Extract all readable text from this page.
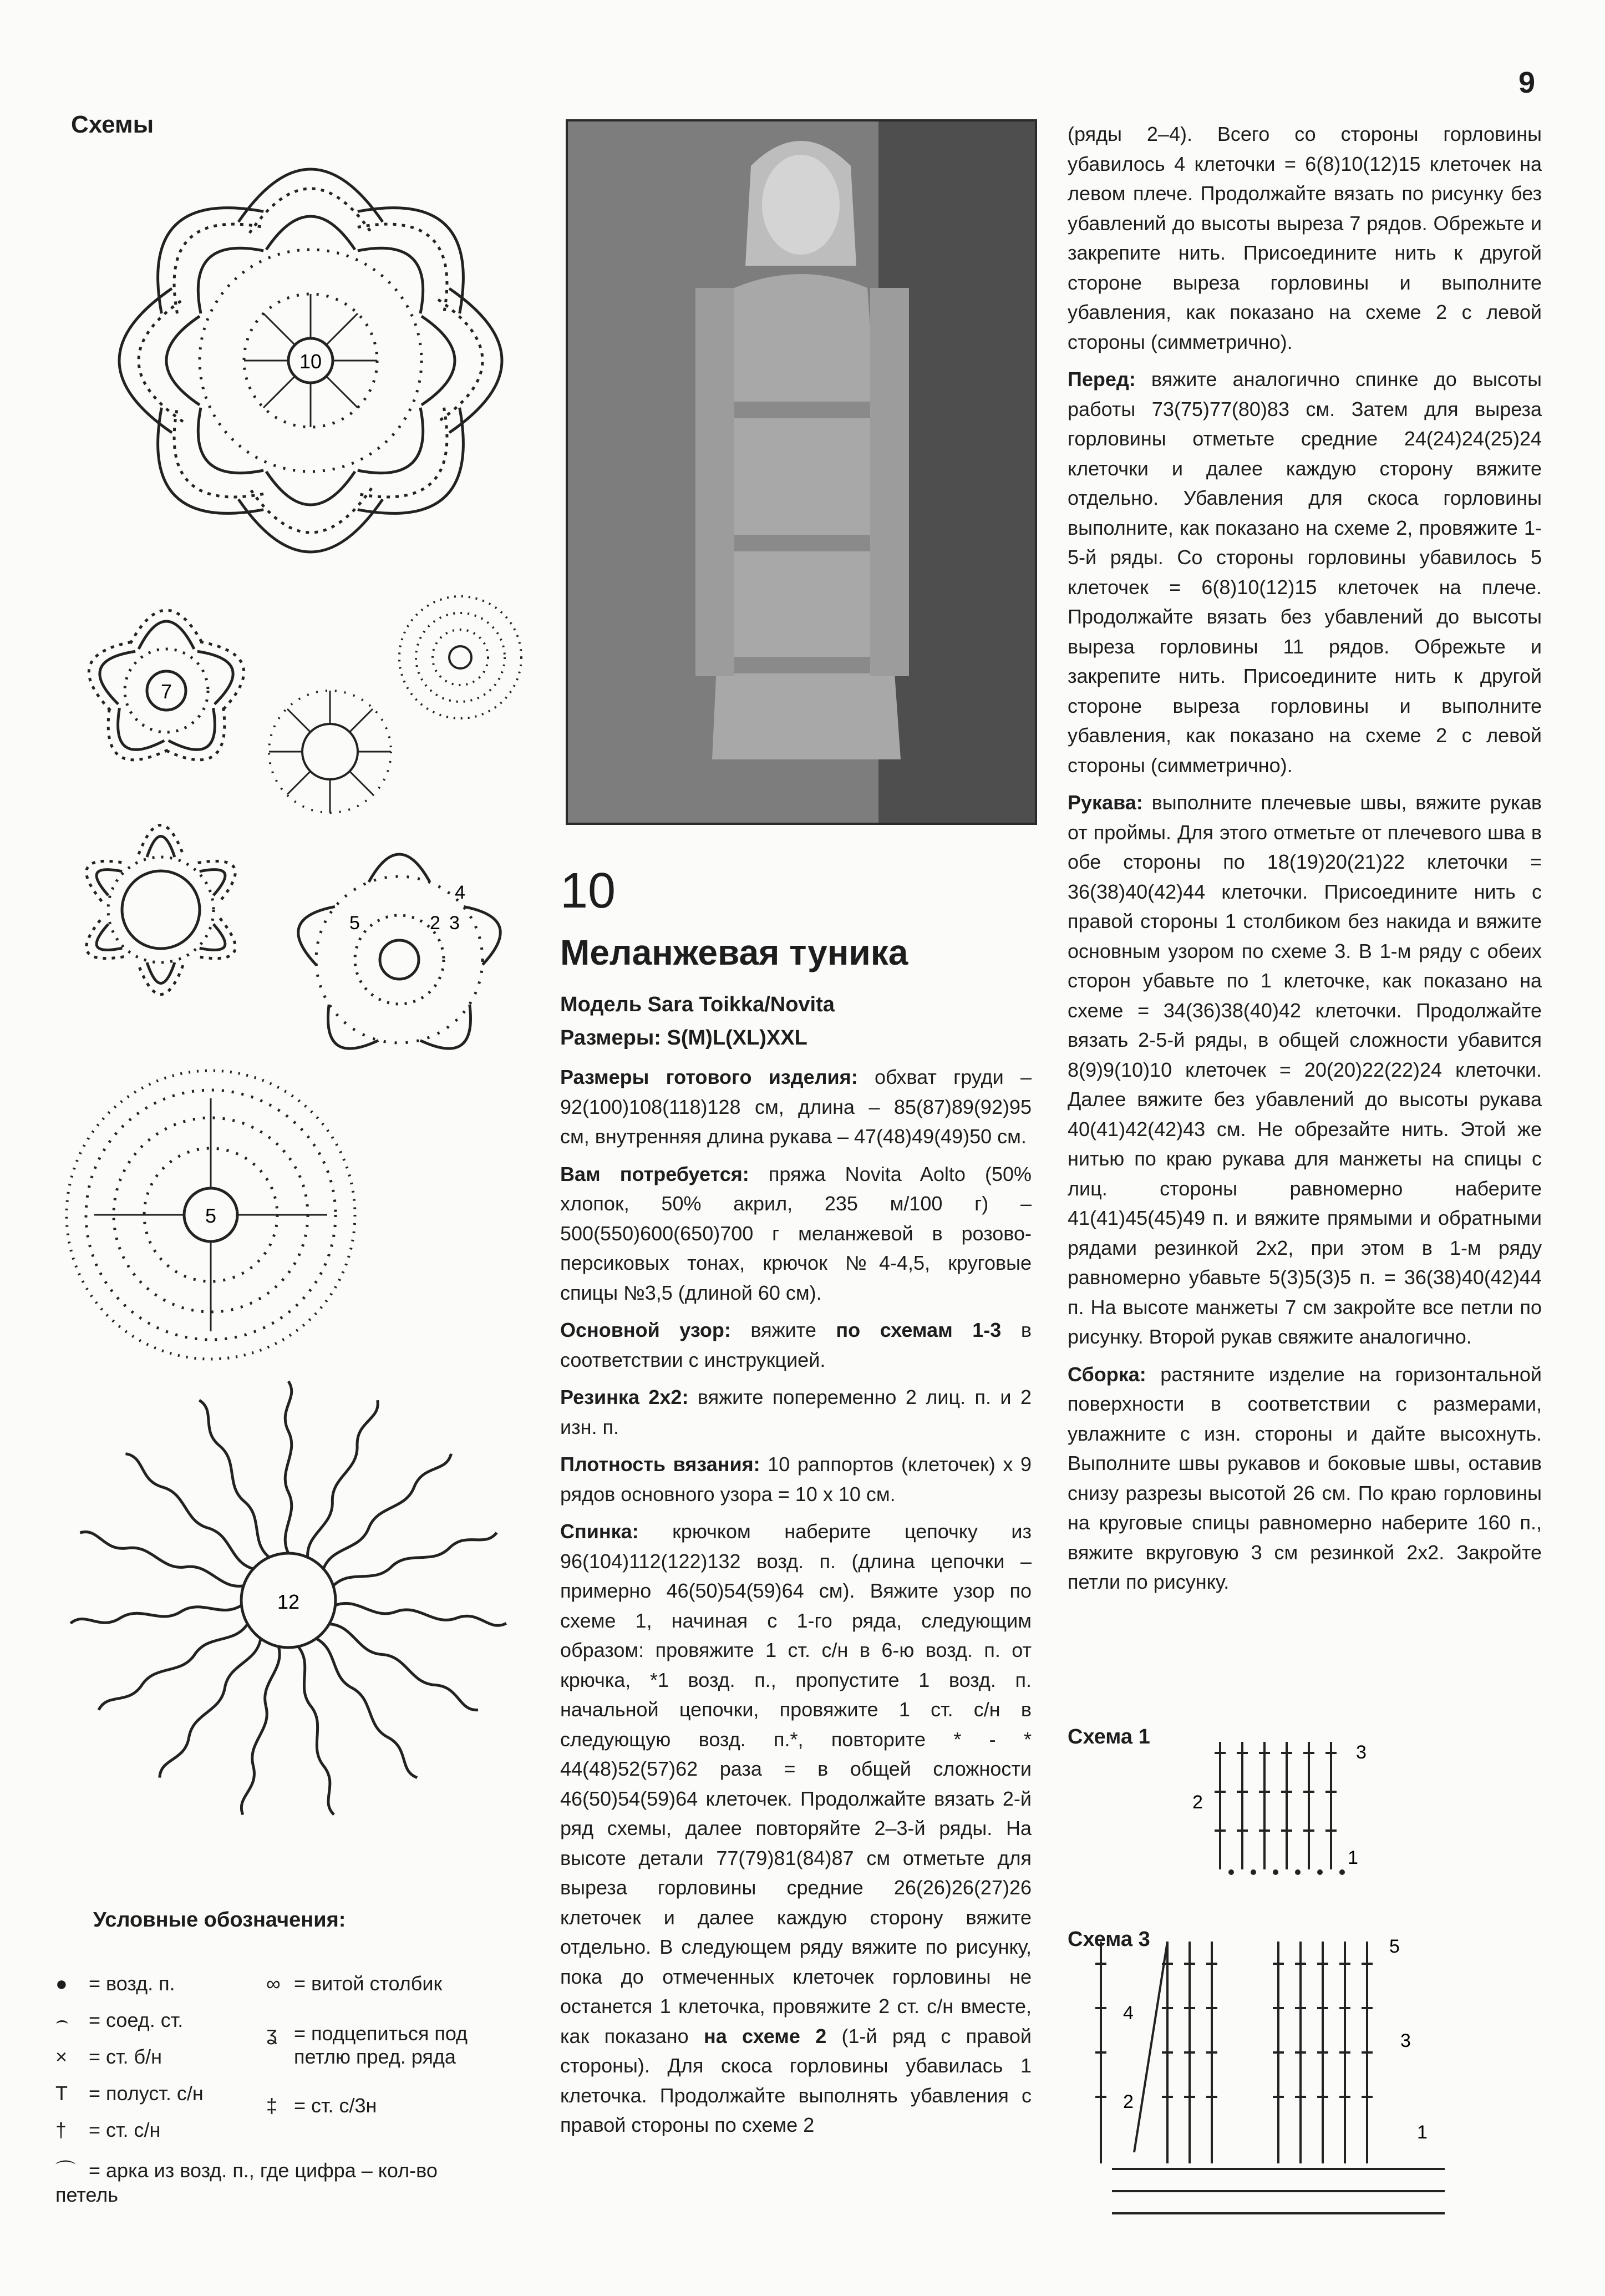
9
Схемы
10
7
4
5	2 3
5
12
10
Меланжевая туника
Модель Sara Toikka/Novita
Размеры: S(M)L(XL)XXL

Размеры готового изделия: обхват груди – 92(100)108(118)128 см, длина – 85(87)89(92)95 см, внутренняя длина рукава – 47(48)49(49)50 см.

Вам потребуется: пряжа Novita Aolto (50% хлопок, 50% акрил, 235 м/100 г) – 500(550)600(650)700 г меланжевой в розово-персиковых тонах, крючок №4-4,5, круговые спицы №3,5 (длиной 60 см).

Основной узор: вяжите по схемам 1-3 в соответствии с инструкцией.

Резинка 2х2: вяжите попеременно 2 лиц. п. и 2 изн. п.

Плотность вязания: 10 раппортов (клеточек) х 9 рядов основного узора = 10 х 10 см.

Спинка: крючком наберите цепочку из 96(104)112(122)132 возд. п. (длина цепочки – примерно 46(50)54(59)64 см). Вяжите узор по схеме 1, начиная с 1-го ряда, следующим образом: провяжите 1 ст. с/н в 6-ю возд. п. от крючка, *1 возд. п., пропустите 1 возд. п. начальной цепочки, провяжите 1 ст. с/н в следующую возд. п.*, повторите * - * 44(48)52(57)62 раза = в общей сложности 46(50)54(59)64 клеточек. Продолжайте вязать 2-й ряд схемы, далее повторяйте 2–3-й ряды. На высоте детали 77(79)81(84)87 см отметьте для выреза горловины средние 26(26)26(27)26 клеточек и далее каждую сторону вяжите отдельно. В следующем ряду вяжите по рисунку, пока до отмеченных клеточек горловины не останется 1 клеточка, провяжите 2 ст. с/н вместе, как показано на схеме 2 (1-й ряд с правой стороны). Для скоса горловины убавилась 1 клеточка. Продолжайте выполнять убавления с правой стороны по схеме 2

(ряды 2–4). Всего со стороны горловины убавилось 4 клеточки = 6(8)10(12)15 клеточек на левом плече. Продолжайте вязать по рисунку без убавлений до высоты выреза 7 рядов. Обрежьте и закрепите нить. Присоедините нить к другой стороне выреза горловины и выполните убавления, как показано на схеме 2 с левой стороны (симметрично).

Перед: вяжите аналогично спинке до высоты работы 73(75)77(80)83 см. Затем для выреза горловины отметьте средние 24(24)24(25)24 клеточки и далее каждую сторону вяжите отдельно. Убавления для скоса горловины выполните, как показано на схеме 2, провяжите 1-5-й ряды. Со стороны горловины убавилось 5 клеточек = 6(8)10(12)15 клеточек на плече. Продолжайте вязать без убавлений до высоты выреза горловины 11 рядов. Обрежьте и закрепите нить. Присоедините нить к другой стороне выреза горловины и выполните убавления, как показано на схеме 2 с левой стороны (симметрично).

Рукава: выполните плечевые швы, вяжите рукав от проймы. Для этого отметьте от плечевого шва в обе стороны по 18(19)20(21)22 клеточки = 36(38)40(42)44 клеточки. Присоедините нить с правой стороны 1 столбиком без накида и вяжите основным узором по схеме 3. В 1-м ряду с обеих сторон убавьте по 1 клеточке, как показано на схеме = 34(36)38(40)42 клеточки. Продолжайте вязать 2-5-й ряды, в общей сложности убавится 8(9)9(10)10 клеточек = 20(20)22(22)24 клеточки. Далее вяжите без убавлений до высоты рукава 40(41)42(42)43 см. Не обрезайте нить. Этой же нитью по краю рукава для манжеты на спицы с лиц. стороны равномерно наберите 41(41)45(45)49 п. и вяжите прямыми и обратными рядами резинкой 2х2, при этом в 1-м ряду равномерно убавьте 5(3)5(3)5 п. = 36(38)40(42)44 п. На высоте манжеты 7 см закройте все петли по рисунку. Второй рукав свяжите аналогично.

Сборка: растяните изделие на горизонтальной поверхности в соответствии с размерами, увлажните с изн. стороны и дайте высохнуть. Выполните швы рукавов и боковые швы, оставив снизу разрезы высотой 26 см. По краю горловины на круговые спицы равномерно наберите 160 п., вяжите вкруговую 3 см резинкой 2х2. Закройте петли по рисунку.

Схема 1
3
2
1
Схема 3
4
2
5
3
1
Условные обозначения:
● = возд. п.
⌢ = соед. ст.
× = ст. б/н
T = полуст. с/н
† = ст. с/н
⌒ = арка из возд. п., где цифра – кол-во петель
∞ = витой столбик
ʓ = подцепиться под петлю пред. ряда
‡ = ст. с/3н
